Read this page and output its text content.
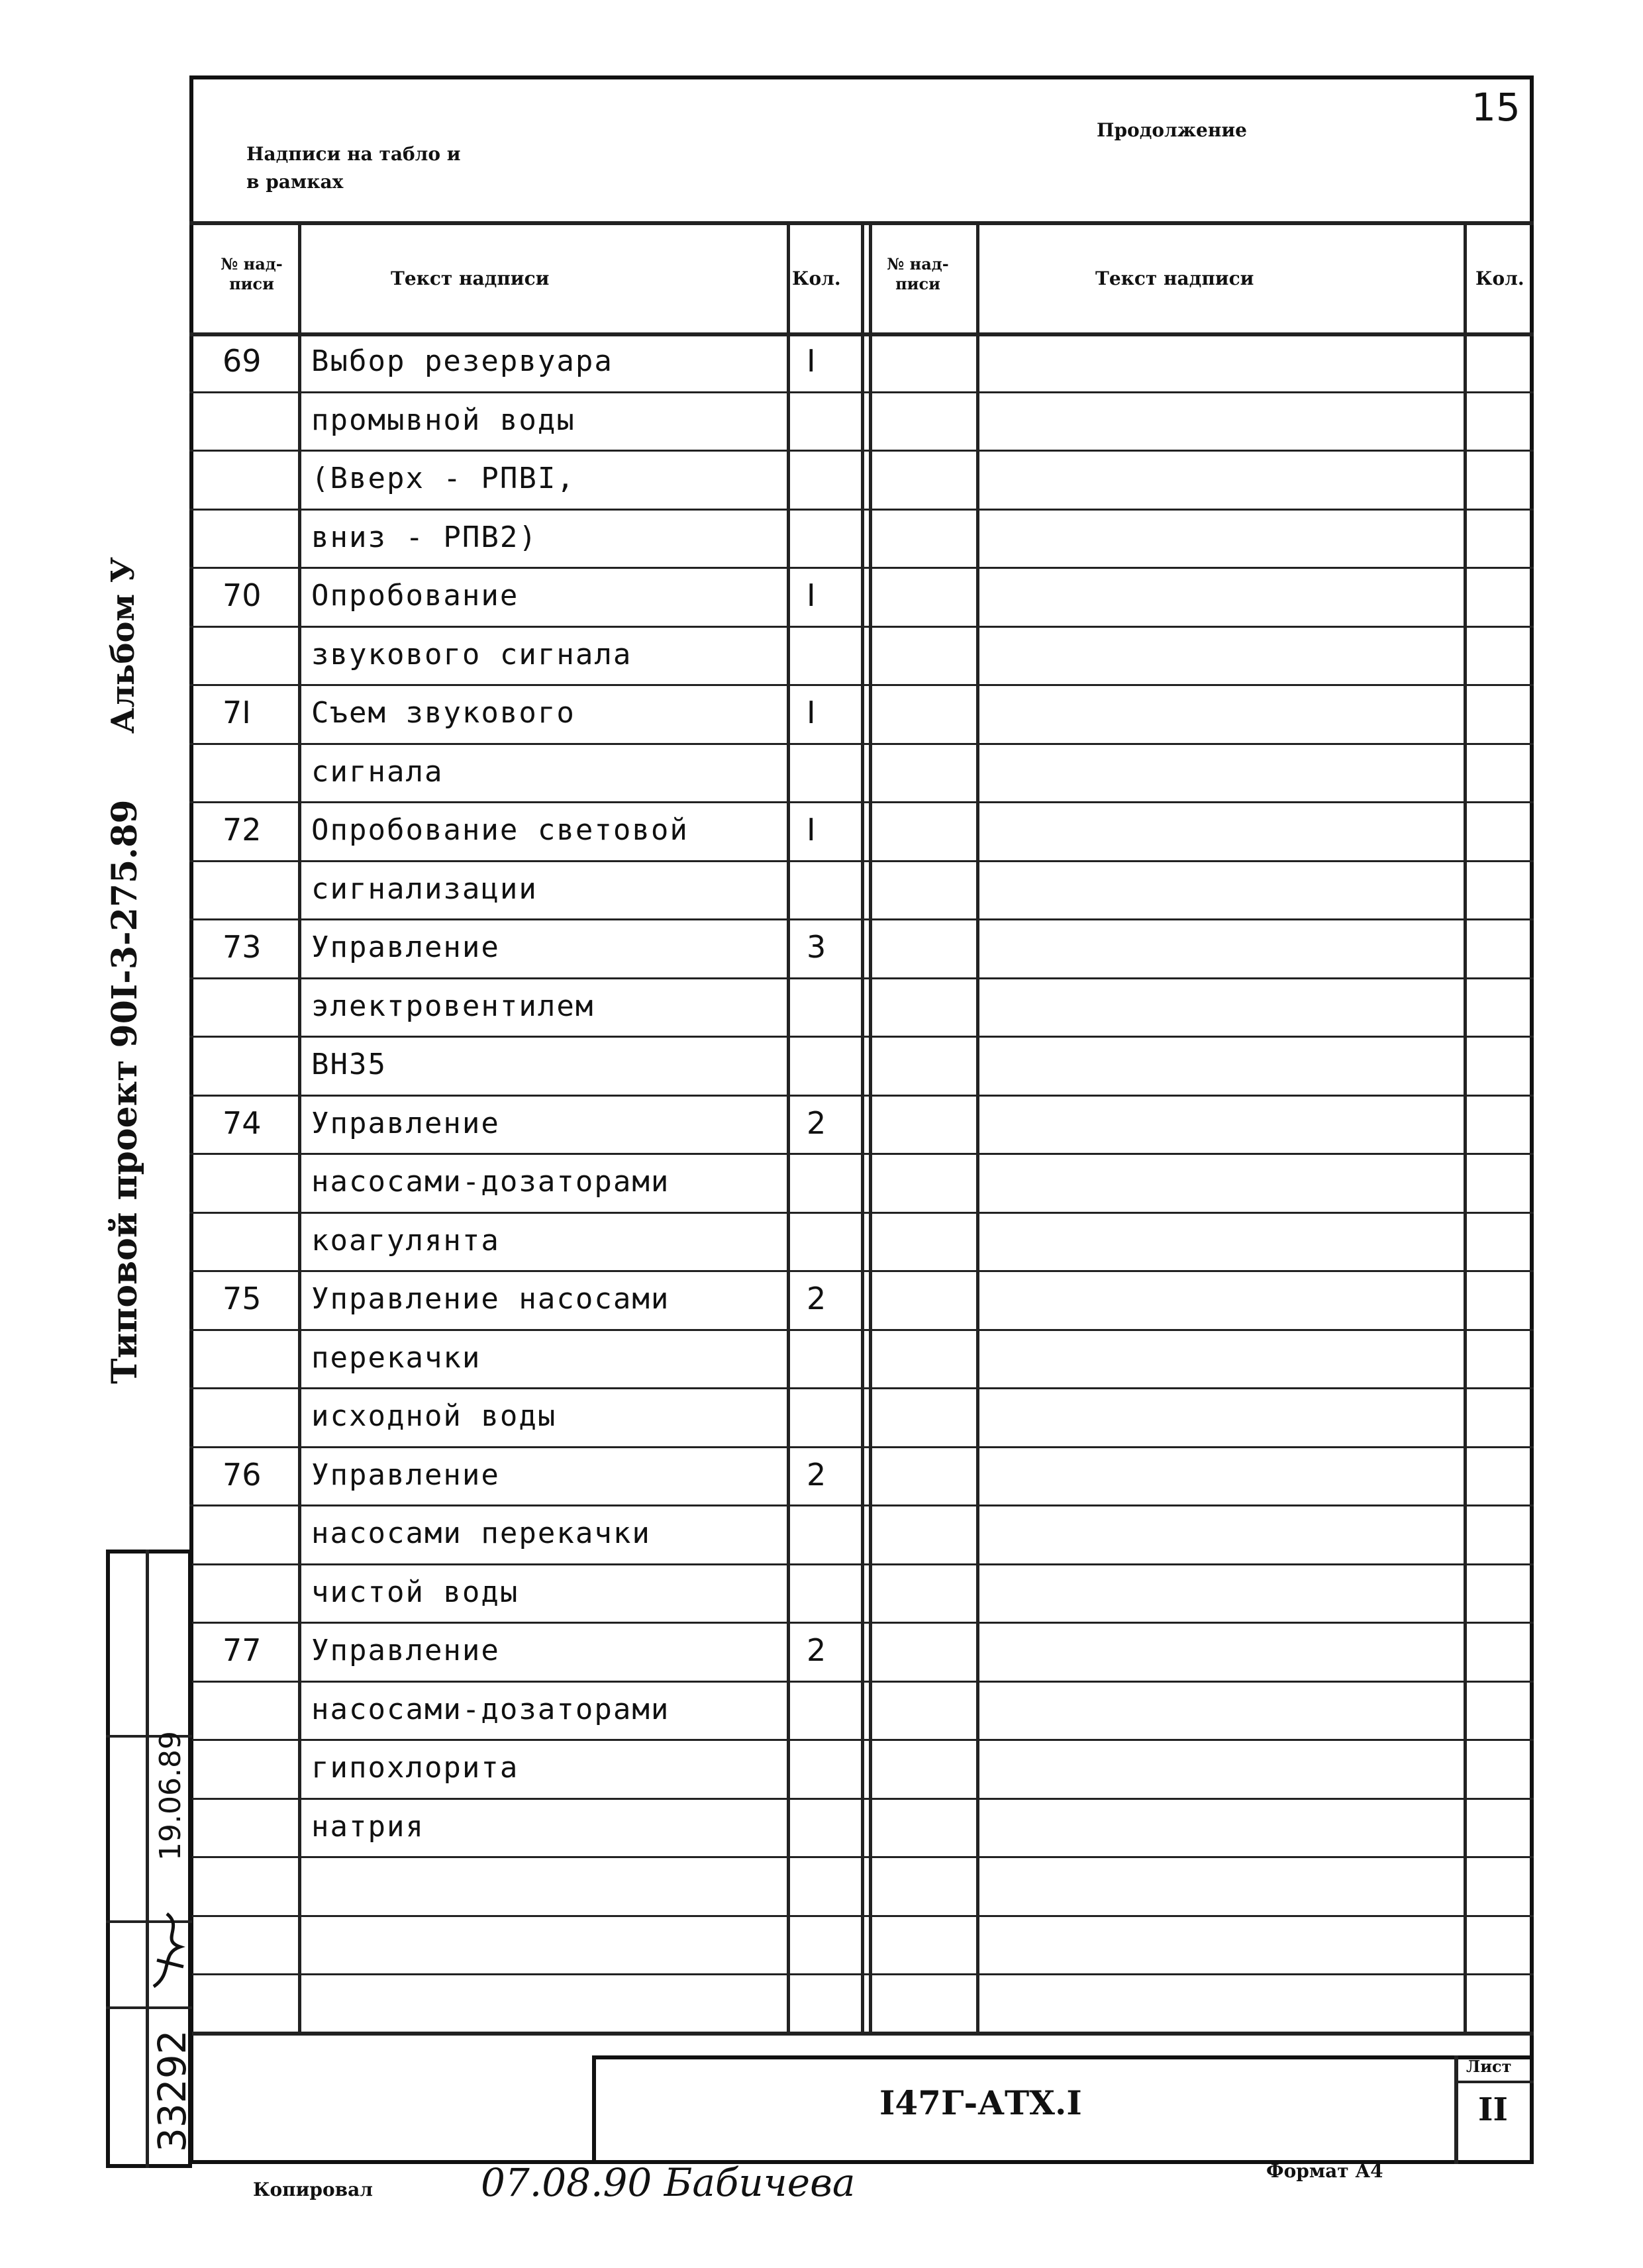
15
Надписи на табло и
в рамках
Продолжение
№ над-
писи	Текст надписи	Кол.
№ над-
писи	Текст надписи	Кол.
69 Выбор резервуара	I
промывной воды
(Вверх - РПВI,
вниз - РПВ2)
70 Опробование	I
звукового сигнала
7I Съем звукового	I
сигнала
72 Опробование световой	I
сигнализации
73 Управление	3
электровентилем
ВН35
74 Управление	2
насосами-дозаторами
коагулянта
75 Управление насосами	2
перекачки
исходной воды
76 Управление	2
насосами перекачки
чистой воды
77 Управление	2
насосами-дозаторами
гипохлорита
натрия
I47Г-АТХ.I
Лист
II
Копировал	07.08.90 Бабичева	Формат А4
Альбом У
Типовой проект 90I-3-275.89
33292
19.06.89
